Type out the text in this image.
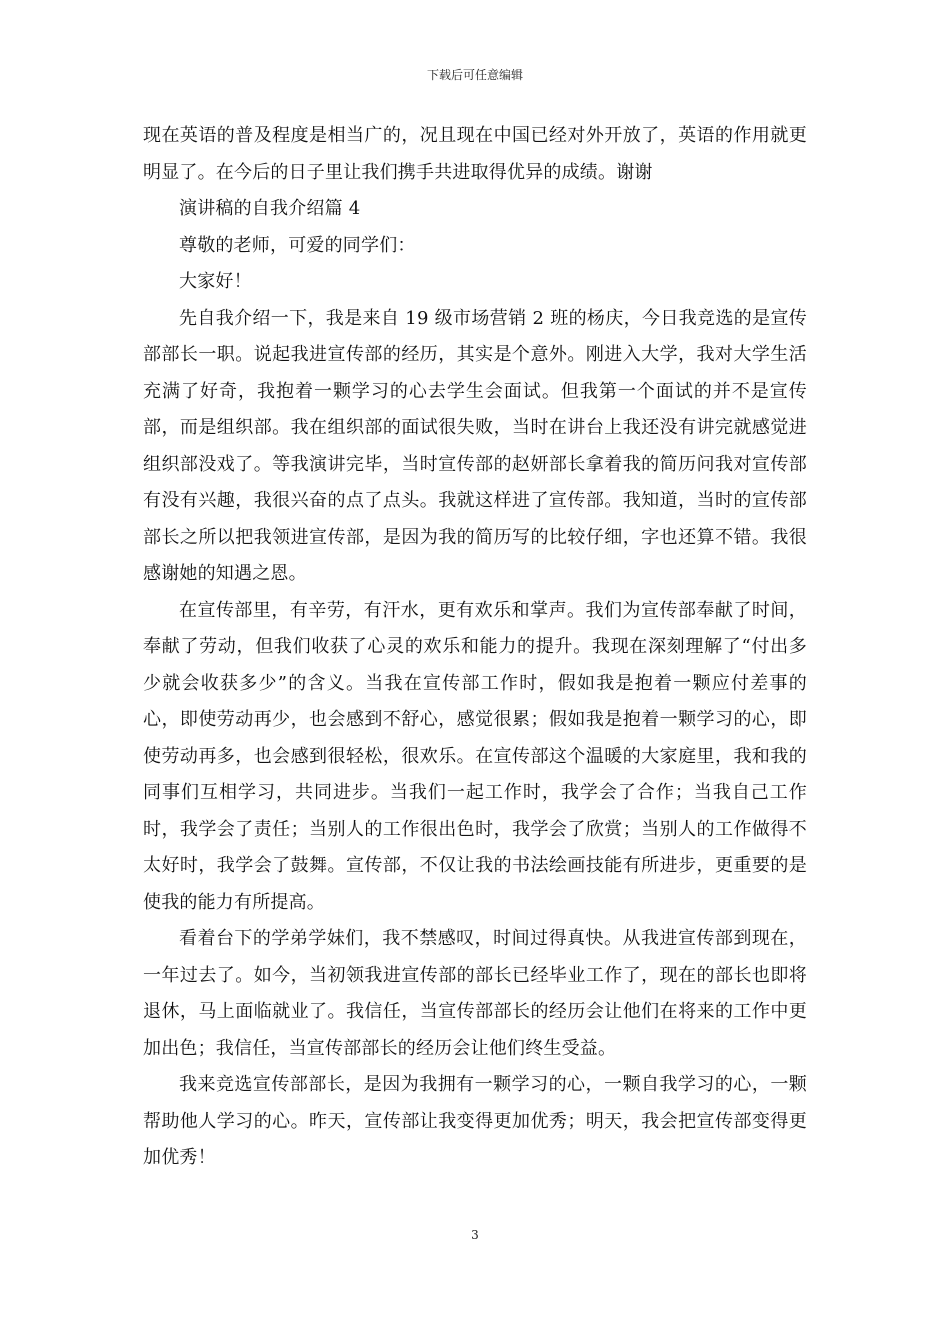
下载后可任意编辑

现在英语的普及程度是相当广的，况且现在中国已经对外开放了，英语的作用就更明显了。在今后的日子里让我们携手共进取得优异的成绩。谢谢

演讲稿的自我介绍篇 4

尊敬的老师，可爱的同学们：

大家好！

先自我介绍一下，我是来自 19 级市场营销 2 班的杨庆，今日我竞选的是宣传部部长一职。说起我进宣传部的经历，其实是个意外。刚进入大学，我对大学生活充满了好奇，我抱着一颗学习的心去学生会面试。但我第一个面试的并不是宣传部，而是组织部。我在组织部的面试很失败，当时在讲台上我还没有讲完就感觉进组织部没戏了。等我演讲完毕，当时宣传部的赵妍部长拿着我的简历问我对宣传部有没有兴趣，我很兴奋的点了点头。我就这样进了宣传部。我知道，当时的宣传部部长之所以把我领进宣传部，是因为我的简历写的比较仔细，字也还算不错。我很感谢她的知遇之恩。

在宣传部里，有辛劳，有汗水，更有欢乐和掌声。我们为宣传部奉献了时间，奉献了劳动，但我们收获了心灵的欢乐和能力的提升。我现在深刻理解了“付出多少就会收获多少”的含义。当我在宣传部工作时，假如我是抱着一颗应付差事的心，即使劳动再少，也会感到不舒心，感觉很累；假如我是抱着一颗学习的心，即使劳动再多，也会感到很轻松，很欢乐。在宣传部这个温暖的大家庭里，我和我的同事们互相学习，共同进步。当我们一起工作时，我学会了合作；当我自己工作时，我学会了责任；当别人的工作很出色时，我学会了欣赏；当别人的工作做得不太好时，我学会了鼓舞。宣传部，不仅让我的书法绘画技能有所进步，更重要的是使我的能力有所提高。

看着台下的学弟学妹们，我不禁感叹，时间过得真快。从我进宣传部到现在，一年过去了。如今，当初领我进宣传部的部长已经毕业工作了，现在的部长也即将退休，马上面临就业了。我信任，当宣传部部长的经历会让他们在将来的工作中更加出色；我信任，当宣传部部长的经历会让他们终生受益。

我来竞选宣传部部长，是因为我拥有一颗学习的心，一颗自我学习的心，一颗帮助他人学习的心。昨天，宣传部让我变得更加优秀；明天，我会把宣传部变得更加优秀！

3
